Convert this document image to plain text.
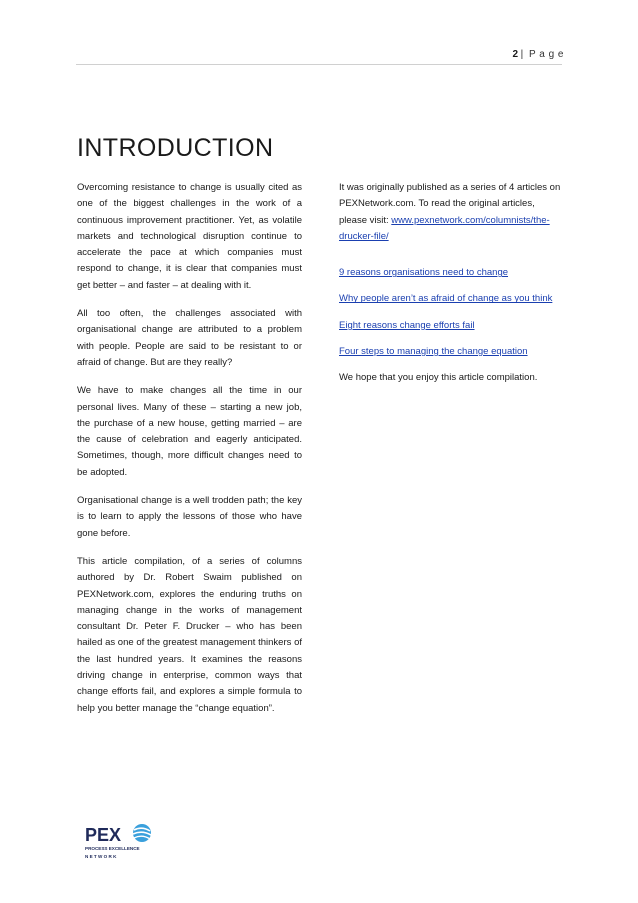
2 | P a g e
INTRODUCTION

Overcoming resistance to change is usually cited as one of the biggest challenges in the work of a continuous improvement practitioner. Yet, as volatile markets and technological disruption continue to accelerate the pace at which companies must respond to change, it is clear that companies must get better – and faster – at dealing with it.

All too often, the challenges associated with organisational change are attributed to a problem with people. People are said to be resistant to or afraid of change. But are they really?

We have to make changes all the time in our personal lives. Many of these – starting a new job, the purchase of a new house, getting married – are the cause of celebration and eagerly anticipated. Sometimes, though, more difficult changes need to be adopted.

Organisational change is a well trodden path; the key is to learn to apply the lessons of those who have gone before.

This article compilation, of a series of columns authored by Dr. Robert Swaim published on PEXNetwork.com, explores the enduring truths on managing change in the works of management consultant Dr. Peter F. Drucker – who has been hailed as one of the greatest management thinkers of the last hundred years. It examines the reasons driving change in enterprise, common ways that change efforts fail, and explores a simple formula to help you better manage the “change equation”.

It was originally published as a series of 4 articles on PEXNetwork.com. To read the original articles, please visit: www.pexnetwork.com/columnists/the-drucker-file/

9 reasons organisations need to change

Why people aren’t as afraid of change as you think

Eight reasons change efforts fail

Four steps to managing the change equation

We hope that you enjoy this article compilation.

PEX
PROCESS EXCELLENCE
N E T W O R K
